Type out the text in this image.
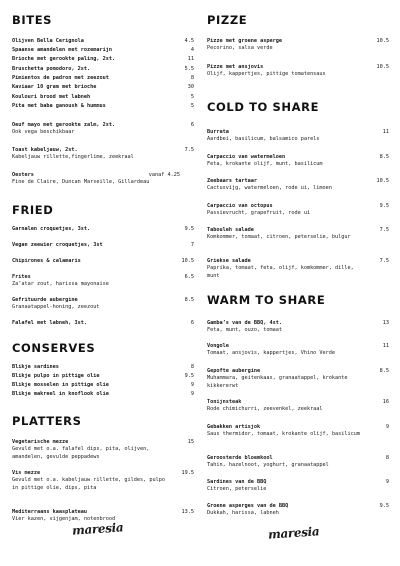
BITES
Olijven Bella Cerignola	4.5
Spaanse amandelen met rozemarijn	4
Brioche met gerookte paling, 2st.	11
Bruschetta pomodoro, 2st.	5.5
Pimientos de padron met zeezout	8
Kaviaar 10 gram met brioche	30
Koulouri brood met labneh	5
Pita met baba ganoush & hummus	5
Oeuf mayo met gerookte zalm, 2st.
Ook vega beschikbaar
6
Toast kabeljauw, 2st.
Kabeljauw rillette,fingerlime, zeekraal
7.5
Oesters
Fine de Claire, Duncan Marseille, Gillardeau
vanaf 4.25
FRIED
Garnalen croquetjes, 3st.	9.5
Vegan zeewier croquetjes, 3st	7
Chipirones & calamaris	10.5
Frites
Za’atar zout, harissa mayonaise
6.5
Gefrituurde aubergine
Granaatappel-honing, zeezout
8.5
Falafel met labneh, 3st.	6
CONSERVES
Blikje sardines	8
Blikje pulpo in pittige olie	9.5
Blikje mosselen in pittige olie	9
Blikje makreel in knoflook olie	9
PLATTERS
Vegetarische mezze
Gevuld met o.a. falafel dips, pita, olijven, amandelen, gevulde peppadews
15
Vis mezze
Gevuld met o.a. kabeljauw rillette, gildes, pulpo in pittige olie, dips, pita
19.5
Mediterraans kaasplateau
Vier kazen, vijgenjam, notenbrood
13.5
maresia
PIZZE
Pizze met groene asperge
Pecorino, salsa verde
10.5
Pizze met ansjovis
Olijf, kappertjes, pittige tomatensaus
10.5
COLD TO SHARE
Burrata
Aardbei, basilicum, balsamico parels
11
Carpaccio van watermeloen
Feta, krokante olijf, munt, basilicum
8.5
Zeebaars tartaar
Cactusvijg, watermeloen, rode ui, limoen
10.5
Carpaccio van octopus
Passievrucht, grapefruit, rode ui
9.5
Tabouleh salade
Komkommer, tomaat, citroen, peterselie, bulgur
7.5
Griekse salade
Paprika, tomaat, feta, olijf, komkommer, dille, munt
7.5
WARM TO SHARE
Gamba’s van de BBQ, 4st.
Feta, munt, ouzo, tomaat
13
Vongole
Tomaat, ansjovis, kappertjes, Vhino Verde
11
Gepofte aubergine
Muhammara, geitenkaas, granaatappel, krokante kikkererwt
8.5
Tonijnsteak
Rode chimichurri, zeevenkel, zeekraal
16
Gebakken artisjok
Saus thermidor, tomaat, krokante olijf, basilicum
9
Geroosterde bloemkool
Tahin, hazelnoot, yoghurt, granaatappel
8
Sardines van de BBQ
Citroen, peterselie
9
Groene asperges van de BBQ
Dukkah, harissa, labneh
9.5
maresia
